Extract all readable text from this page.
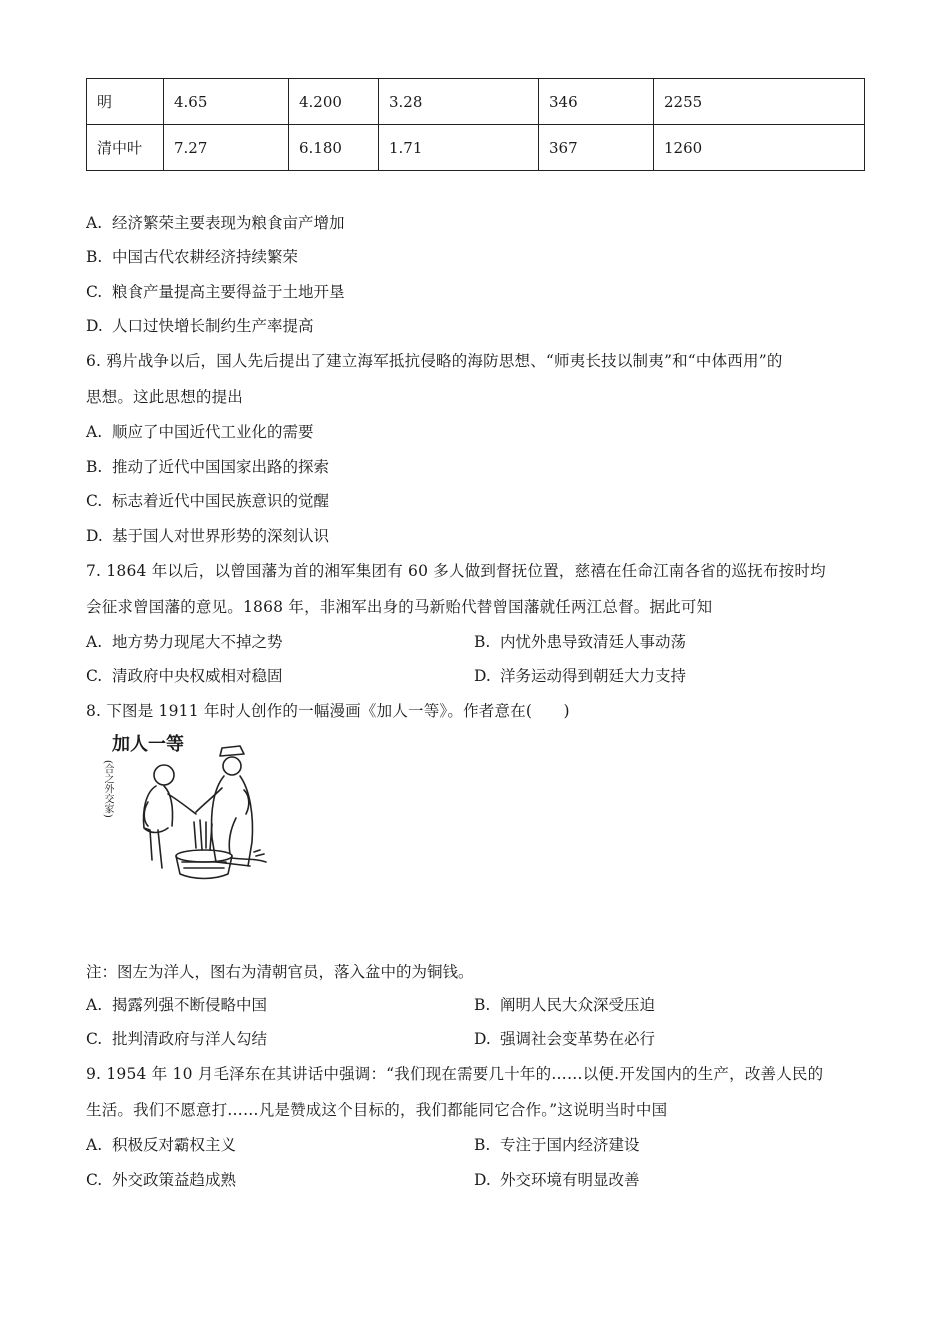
明	4.65	4.200	3.28	346	2255
清中叶	7.27	6.180	1.71	367	1260
A. 经济繁荣主要表现为粮食亩产增加
B. 中国古代农耕经济持续繁荣
C. 粮食产量提高主要得益于土地开垦
D. 人口过快增长制约生产率提高
6. 鸦片战争以后，国人先后提出了建立海军抵抗侵略的海防思想、“师夷长技以制夷”和“中体西用”的
思想。这此思想的提出
A. 顺应了中国近代工业化的需要
B. 推动了近代中国国家出路的探索
C. 标志着近代中国民族意识的觉醒
D. 基于国人对世界形势的深刻认识
7. 1864 年以后，以曾国藩为首的湘军集团有 60 多人做到督抚位置，慈禧在任命江南各省的巡抚布按时均
会征求曾国藩的意见。1868 年，非湘军出身的马新贻代替曾国藩就任两江总督。据此可知
A. 地方势力现尾大不掉之势	B. 内忧外患导致清廷人事动荡
C. 清政府中央权威相对稳固	D. 洋务运动得到朝廷大力支持
8. 下图是 1911 年时人创作的一幅漫画《加人一等》。作者意在(　　)
加人一等
(合之外交家)
注：图左为洋人，图右为清朝官员，落入盆中的为铜钱。
A. 揭露列强不断侵略中国	B. 阐明人民大众深受压迫
C. 批判清政府与洋人勾结	D. 强调社会变革势在必行
9. 1954 年 10 月毛泽东在其讲话中强调：“我们现在需要几十年的……以便.开发国内的生产，改善人民的
生活。我们不愿意打……凡是赞成这个目标的，我们都能同它合作。”这说明当时中国
A. 积极反对霸权主义	B. 专注于国内经济建设
C. 外交政策益趋成熟	D. 外交环境有明显改善
